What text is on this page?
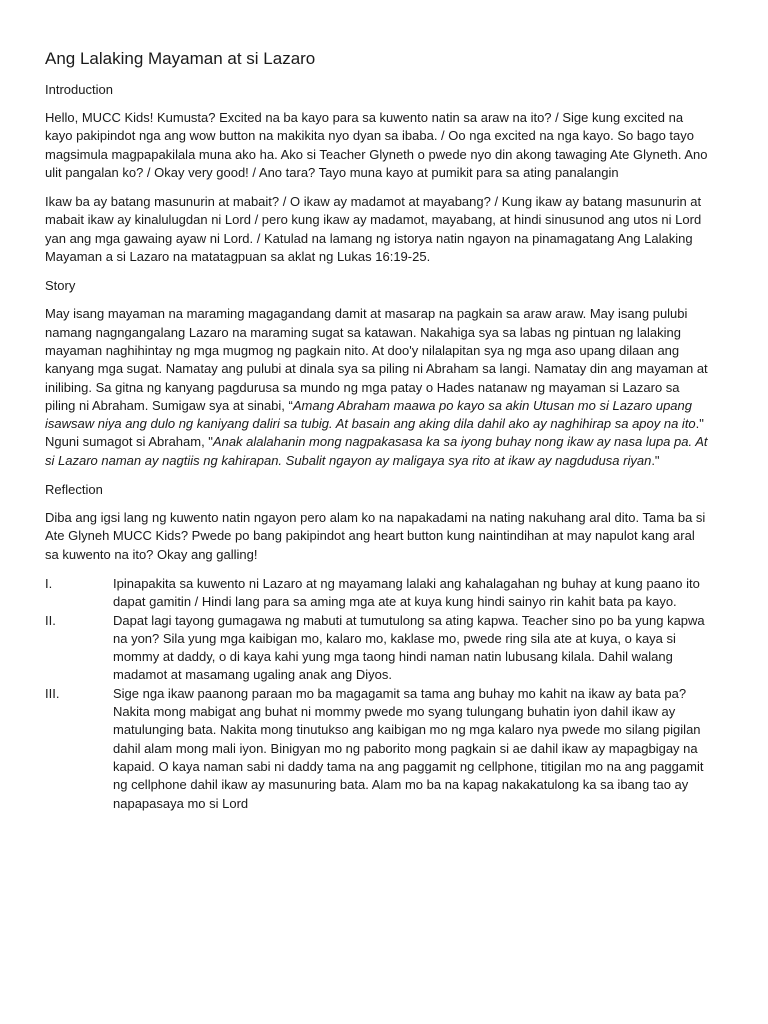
Ang Lalaking Mayaman at si Lazaro
Introduction

Hello, MUCC Kids! Kumusta? Excited na ba kayo para sa kuwento natin sa araw na ito? / Sige kung excited na kayo pakipindot nga ang wow button na makikita nyo dyan sa ibaba. / Oo nga excited na nga kayo. So bago tayo magsimula magpapakilala muna ako ha. Ako si Teacher Glyneth o pwede nyo din akong tawaging Ate Glyneth. Ano ulit pangalan ko? / Okay very good! / Ano tara? Tayo muna kayo at pumikit para sa ating panalangin

Ikaw ba ay batang masunurin at mabait? / O ikaw ay madamot at mayabang? / Kung ikaw ay batang masunurin at mabait ikaw ay kinalulugdan ni Lord / pero kung ikaw ay madamot, mayabang, at hindi sinusunod ang utos ni Lord yan ang mga gawaing ayaw ni Lord. / Katulad na lamang ng istorya natin ngayon na pinamagatang Ang Lalaking Mayaman a si Lazaro na matatagpuan sa aklat ng Lukas 16:19-25.

Story

May isang mayaman na maraming magagandang damit at masarap na pagkain sa araw araw. May isang pulubi namang nagngangalang Lazaro na maraming sugat sa katawan. Nakahiga sya sa labas ng pintuan ng lalaking mayaman naghihintay ng mga mugmog ng pagkain nito. At doo'y nilalapitan sya ng mga aso upang dilaan ang kanyang mga sugat. Namatay ang pulubi at dinala sya sa piling ni Abraham sa langi. Namatay din ang mayaman at inilibing. Sa gitna ng kanyang pagdurusa sa mundo ng mga patay o Hades natanaw ng mayaman si Lazaro sa piling ni Abraham. Sumigaw sya at sinabi, “Amang Abraham maawa po kayo sa akin Utusan mo si Lazaro upang isawsaw niya ang dulo ng kaniyang daliri sa tubig. At basain ang aking dila dahil ako ay naghihirap sa apoy na ito." Nguni sumagot si Abraham, "Anak alalahanin mong nagpakasasa ka sa iyong buhay nong ikaw ay nasa lupa pa. At si Lazaro naman ay nagtiis ng kahirapan. Subalit ngayon ay maligaya sya rito at ikaw ay nagdudusa riyan."

Reflection

Diba ang igsi lang ng kuwento natin ngayon pero alam ko na napakadami na nating nakuhang aral dito. Tama ba si Ate Glyneh MUCC Kids? Pwede po bang pakipindot ang heart button kung naintindihan at may napulot kang aral sa kuwento na ito? Okay ang galling!

I.	Ipinapakita sa kuwento ni Lazaro at ng mayamang lalaki ang kahalagahan ng buhay at kung paano ito dapat gamitin / Hindi lang para sa aming mga ate at kuya kung hindi sainyo rin kahit bata pa kayo.
II.	Dapat lagi tayong gumagawa ng mabuti at tumutulong sa ating kapwa. Teacher sino po ba yung kapwa na yon? Sila yung mga kaibigan mo, kalaro mo, kaklase mo, pwede ring sila ate at kuya, o kaya si mommy at daddy, o di kaya kahi yung mga taong hindi naman natin lubusang kilala. Dahil walang madamot at masamang ugaling anak ang Diyos.
III.	Sige nga ikaw paanong paraan mo ba magagamit sa tama ang buhay mo kahit na ikaw ay bata pa? Nakita mong mabigat ang buhat ni mommy pwede mo syang tulungang buhatin iyon dahil ikaw ay matulunging bata. Nakita mong tinutukso ang kaibigan mo ng mga kalaro nya pwede mo silang pigilan dahil alam mong mali iyon. Binigyan mo ng paborito mong pagkain si ae dahil ikaw ay mapagbigay na kapaid. O kaya naman sabi ni daddy tama na ang paggamit ng cellphone, titigilan mo na ang paggamit ng cellphone dahil ikaw ay masunuring bata. Alam mo ba na kapag nakakatulong ka sa ibang tao ay napapasaya mo si Lord
